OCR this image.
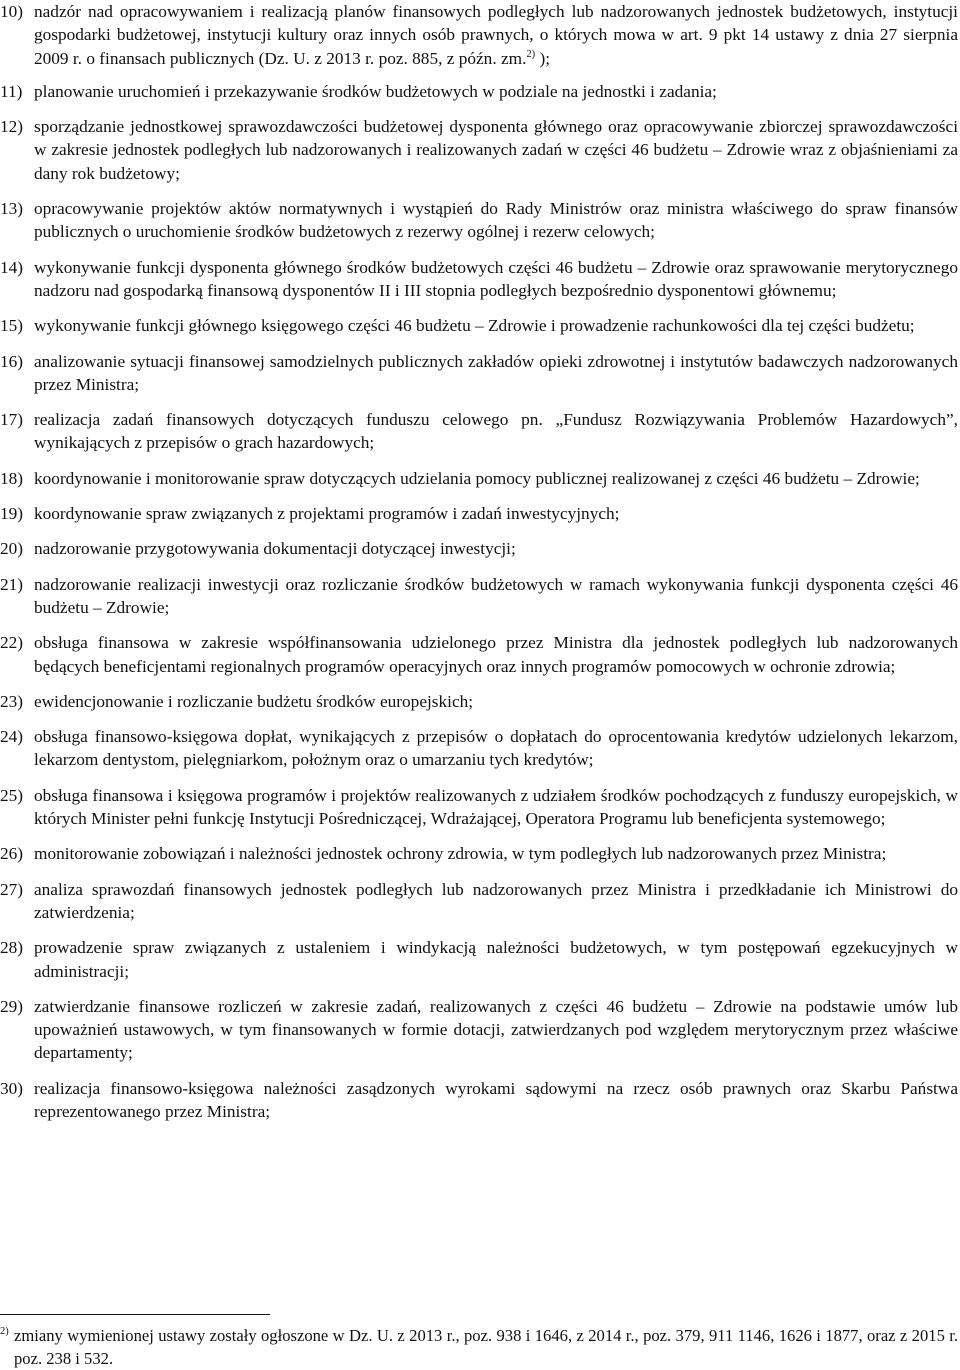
10) nadzór nad opracowywaniem i realizacją planów finansowych podległych lub nadzorowanych jednostek budżetowych, instytucji gospodarki budżetowej, instytucji kultury oraz innych osób prawnych, o których mowa w art. 9 pkt 14 ustawy z dnia 27 sierpnia 2009 r. o finansach publicznych (Dz. U. z 2013 r. poz. 885, z późn. zm.$^{2)}$ );
11) planowanie uruchomień i przekazywanie środków budżetowych w podziale na jednostki i zadania;
12) sporządzanie jednostkowej sprawozdawczości budżetowej dysponenta głównego oraz opracowywanie zbiorczej sprawozdawczości w zakresie jednostek podległych lub nadzorowanych i realizowanych zadań w części 46 budżetu – Zdrowie wraz z objaśnieniami za dany rok budżetowy;
13) opracowywanie projektów aktów normatywnych i wystąpień do Rady Ministrów oraz ministra właściwego do spraw finansów publicznych o uruchomienie środków budżetowych z rezerwy ogólnej i rezerw celowych;
14) wykonywanie funkcji dysponenta głównego środków budżetowych części 46 budżetu – Zdrowie oraz sprawowanie merytorycznego nadzoru nad gospodarką finansową dysponentów II i III stopnia podległych bezpośrednio dysponentowi głównemu;
15) wykonywanie funkcji głównego księgowego części 46 budżetu – Zdrowie i prowadzenie rachunkowości dla tej części budżetu;
16) analizowanie sytuacji finansowej samodzielnych publicznych zakładów opieki zdrowotnej i instytutów badawczych nadzorowanych przez Ministra;
17) realizacja zadań finansowych dotyczących funduszu celowego pn. „Fundusz Rozwiązywania Problemów Hazardowych”, wynikających z przepisów o grach hazardowych;
18) koordynowanie i monitorowanie spraw dotyczących udzielania pomocy publicznej realizowanej z części 46 budżetu – Zdrowie;
19) koordynowanie spraw związanych z projektami programów i zadań inwestycyjnych;
20) nadzorowanie przygotowywania dokumentacji dotyczącej inwestycji;
21) nadzorowanie realizacji inwestycji oraz rozliczanie środków budżetowych w ramach wykonywania funkcji dysponenta części 46 budżetu – Zdrowie;
22) obsługa finansowa w zakresie współfinansowania udzielonego przez Ministra dla jednostek podległych lub nadzorowanych będących beneficjentami regionalnych programów operacyjnych oraz innych programów pomocowych w ochronie zdrowia;
23) ewidencjonowanie i rozliczanie budżetu środków europejskich;
24) obsługa finansowo-księgowa dopłat, wynikających z przepisów o dopłatach do oprocentowania kredytów udzielonych lekarzom, lekarzom dentystom, pielęgniarkom, położnym oraz o umarzaniu tych kredytów;
25) obsługa finansowa i księgowa programów i projektów realizowanych z udziałem środków pochodzących z funduszy europejskich, w których Minister pełni funkcję Instytucji Pośredniczącej, Wdrażającej, Operatora Programu lub beneficjenta systemowego;
26) monitorowanie zobowiązań i należności jednostek ochrony zdrowia, w tym podległych lub nadzorowanych przez Ministra;
27) analiza sprawozdań finansowych jednostek podległych lub nadzorowanych przez Ministra i przedkładanie ich Ministrowi do zatwierdzenia;
28) prowadzenie spraw związanych z ustaleniem i windykacją należności budżetowych, w tym postępowań egzekucyjnych w administracji;
29) zatwierdzanie finansowe rozliczeń w zakresie zadań, realizowanych z części 46 budżetu – Zdrowie na podstawie umów lub upoważnień ustawowych, w tym finansowanych w formie dotacji, zatwierdzanych pod względem merytorycznym przez właściwe departamenty;
30) realizacja finansowo-księgowa należności zasądzonych wyrokami sądowymi na rzecz osób prawnych oraz Skarbu Państwa reprezentowanego przez Ministra;
2) zmiany wymienionej ustawy zostały ogłoszone w Dz. U. z 2013 r., poz. 938 i 1646, z 2014 r., poz. 379, 911 1146, 1626 i 1877, oraz z 2015 r. poz. 238 i 532.
